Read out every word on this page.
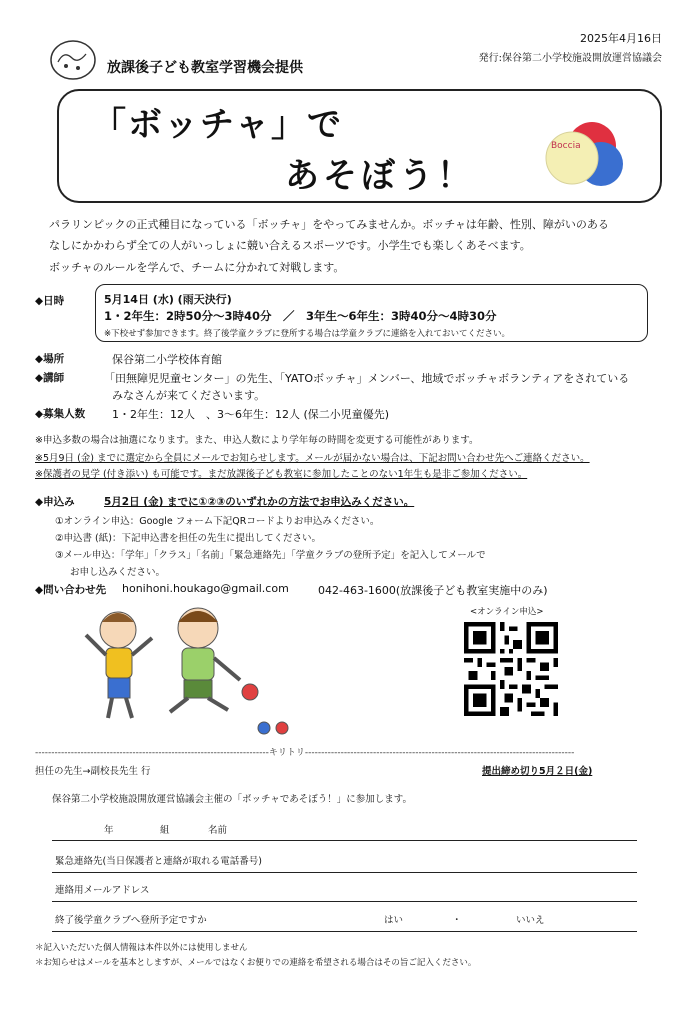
放課後子ども教室学習機会提供
2025年4月16日
発行:保谷第二小学校施設開放運営協議会
「ボッチャ」で
あそぼう！
Boccia
パラリンピックの正式種目になっている「ボッチャ」をやってみませんか。ボッチャは年齢、性別、障がいのある
なしにかかわらず全ての人がいっしょに競い合えるスポーツです。小学生でも楽しくあそべます。
ボッチャのルールを学んで、チームに分かれて対戦します。
◆日時	5月14日 (水) (雨天決行)
1・2年生：2時50分～3時40分　／　3年生～6年生：3時40分～4時30分
※下校せず参加できます。終了後学童クラブに登所する場合は学童クラブに連絡を入れておいてください。
◆場所	保谷第二小学校体育館
◆講師	「田無障児児童センター」の先生、「YATOボッチャ」メンバー、地域でボッチャボランティアをされている
みなさんが来てくださいます。
◆募集人数 1・2年生：12人　、3～6年生：12人 (保二小児童優先)
※申込多数の場合は抽選になります。また、申込人数により学年毎の時間を変更する可能性があります。
※5月9日 (金) までに選定から全員にメールでお知らせします。メールが届かない場合は、下記お問い合わせ先へご連絡ください。
※保護者の見学 (付き添い) も可能です。まだ放課後子ども教室に参加したことのない1年生も是非ご参加ください。
◆申込み	5月2日 (金) までに①②③のいずれかの方法でお申込みください。
①オンライン申込：Google フォーム下記QRコードよりお申込みください。
②申込書 (紙)：下記申込書を担任の先生に提出してください。
③メール申込：「学年」「クラス」「名前」「緊急連絡先」「学童クラブの登所予定」を記入してメールで
お申し込みください。
◆問い合わせ先 honihoni.houkago@gmail.com	042-463-1600(放課後子ども教室実施中のみ)
<オンライン申込>
------------------------------------------------------------------------キリトリ-----------------------------------------------------------------------------------
担任の先生→副校長先生 行	提出締め切り5月２日(金)
保谷第二小学校施設開放運営協議会主催の「ボッチャであそぼう！」に参加します。
年	組	名前
緊急連絡先(当日保護者と連絡が取れる電話番号)
連絡用メールアドレス
終了後学童クラブへ登所予定ですか	はい	・	いいえ
＊記入いただいた個人情報は本件以外には使用しません
＊お知らせはメールを基本としますが、メールではなくお便りでの連絡を希望される場合はその旨ご記入ください。
